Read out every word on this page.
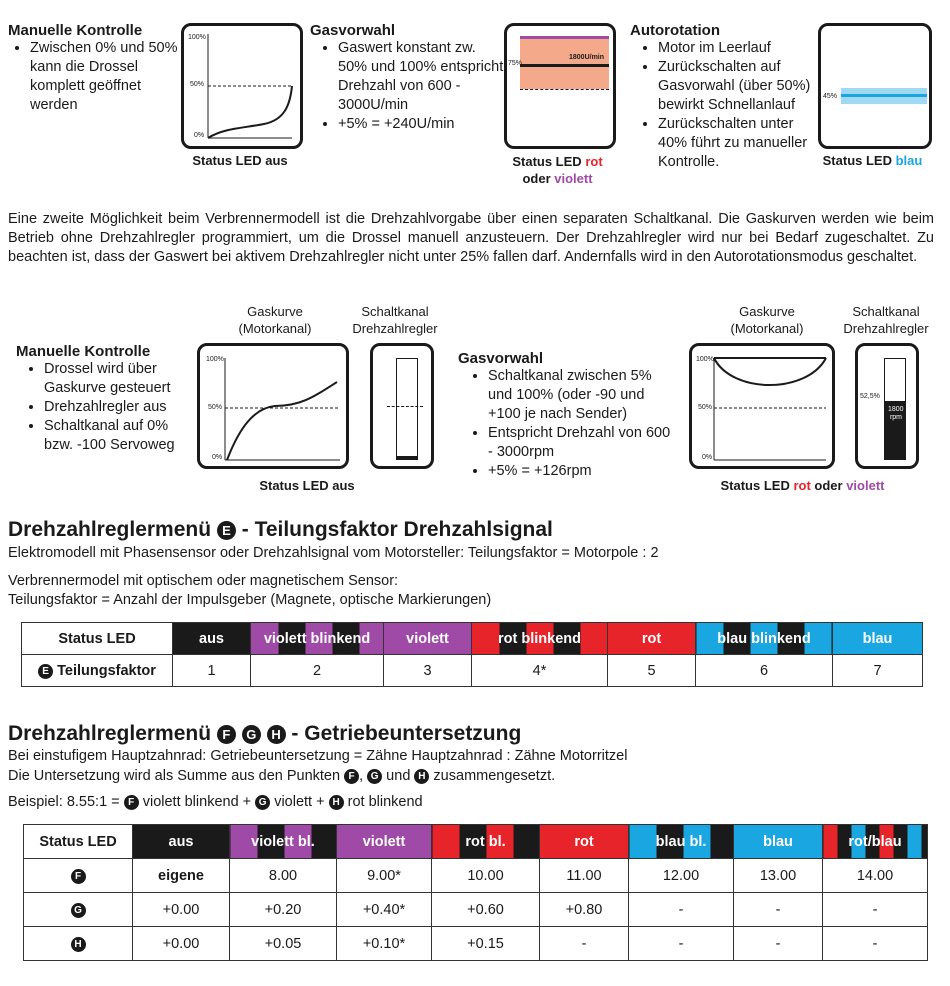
Manuelle Kontrolle
• Zwischen 0% und 50% kann die Drossel komplett geöffnet werden
100%
50%
0%
Status LED aus
Gasvorwahl
• Gaswert konstant zw. 50% und 100% entspricht Drehzahl von 600 - 3000U/min
• +5% = +240U/min
75%
1800U/min
Status LED rot
oder violett
Autorotation
• Motor im Leerlauf
• Zurückschalten auf Gasvorwahl (über 50%) bewirkt Schnellanlauf
• Zurückschalten unter 40% führt zu manueller Kontrolle.
45%
Status LED blau
Eine zweite Möglichkeit beim Verbrennermodell ist die Drehzahlvorgabe über einen separaten Schaltkanal. Die Gaskurven werden wie beim Betrieb ohne Drehzahlregler programmiert, um die Drossel manuell anzusteuern. Der Drehzahlregler wird nur bei Bedarf zugeschaltet. Zu beachten ist, dass der Gaswert bei aktivem Drehzahlregler nicht unter 25% fallen darf. Andernfalls wird in den Autorotationsmodus geschaltet.
Gaskurve (Motorkanal)
Schaltkanal Drehzahlregler
Manuelle Kontrolle
• Drossel wird über Gaskurve gesteuert
• Drehzahlregler aus
• Schaltkanal auf 0% bzw. -100 Servoweg
100%
50%
0%
Status LED aus
Gasvorwahl
• Schaltkanal zwischen 5% und 100% (oder -90 und +100 je nach Sender)
• Entspricht Drehzahl von 600 - 3000rpm
• +5% = +126rpm
Gaskurve (Motorkanal)
Schaltkanal Drehzahlregler
100%
50%
0%
52,5%
1800
rpm
Status LED rot oder violett
Drehzahlreglermenü E - Teilungsfaktor Drehzahlsignal
Elektromodell mit Phasensensor oder Drehzahlsignal vom Motorsteller: Teilungsfaktor = Motorpole : 2
Verbrennermodel mit optischem oder magnetischem Sensor:
Teilungsfaktor = Anzahl der Impulsgeber (Magnete, optische Markierungen)
Status LED	aus	violett blinkend	violett	rot blinkend	rot	blau blinkend	blau
E Teilungsfaktor	1	2	3	4*	5	6	7
Drehzahlreglermenü F G H - Getriebeuntersetzung
Bei einstufigem Hauptzahnrad: Getriebeuntersetzung = Zähne Hauptzahnrad : Zähne Motorritzel
Die Untersetzung wird als Summe aus den Punkten F , G und H zusammengesetzt.
Beispiel: 8.55:1 = F violett blinkend + G violett + H rot blinkend
Status LED	aus	violett bl.	violett	rot bl.	rot	blau bl.	blau	rot/blau
F	eigene	8.00	9.00*	10.00	11.00	12.00	13.00	14.00
G	+0.00	+0.20	+0.40*	+0.60	+0.80	-	-	-
H	+0.00	+0.05	+0.10*	+0.15	-	-	-	-
